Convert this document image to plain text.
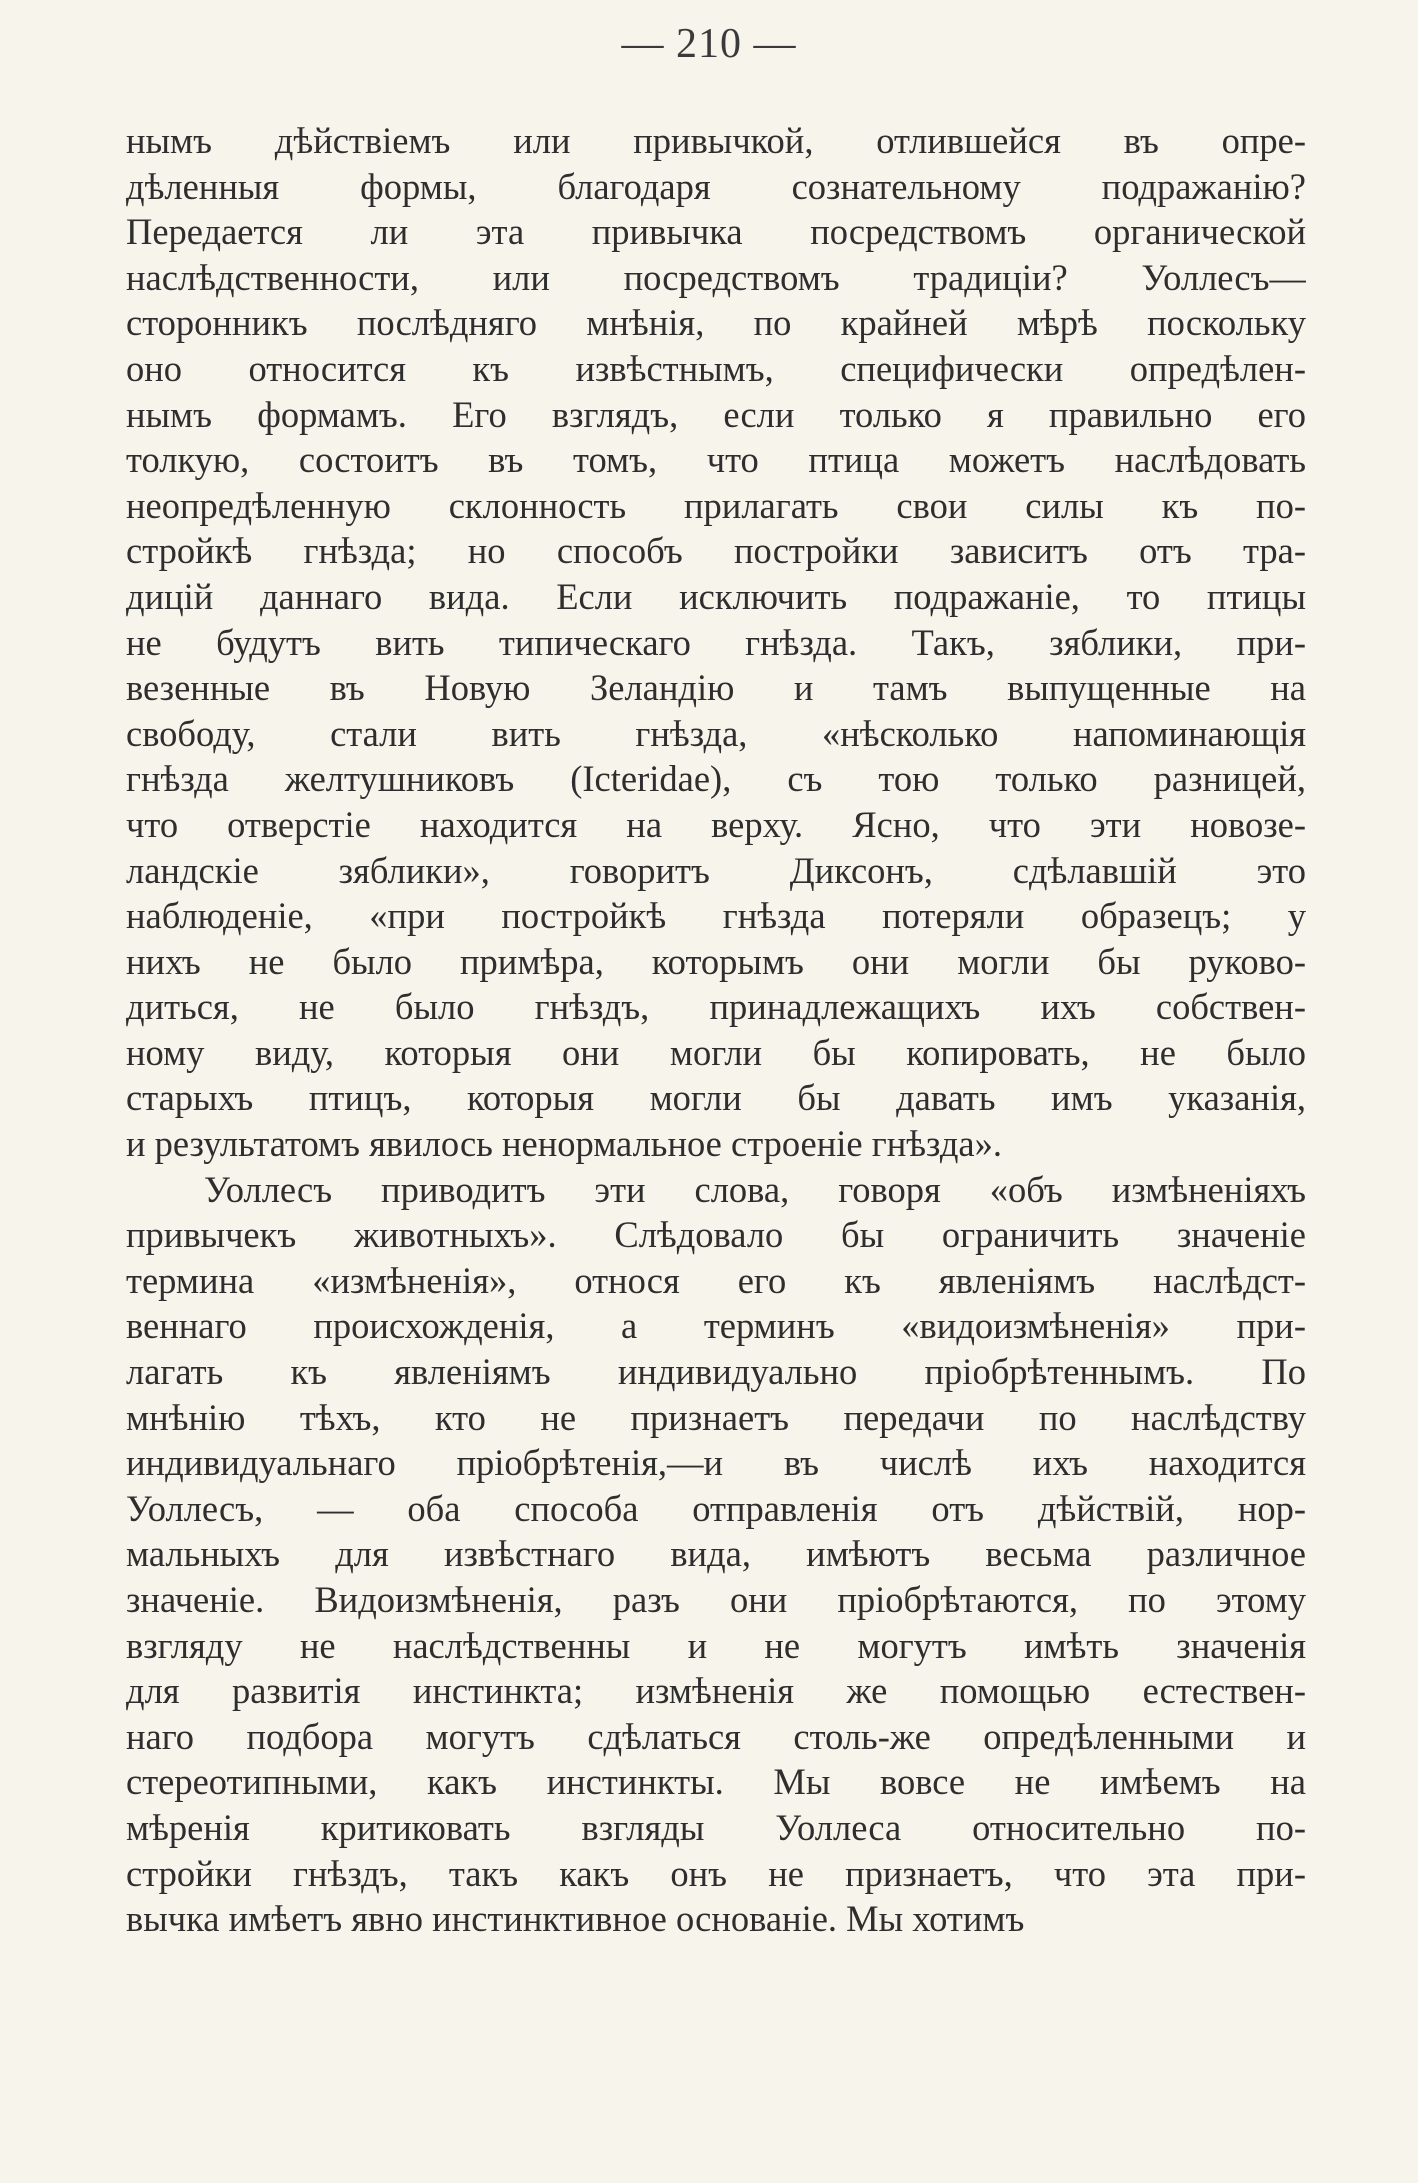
— 210 —
нымъ дѣйствіемъ или привычкой, отлившейся въ опре-
дѣленныя формы, благодаря сознательному подражанію?
Передается ли эта привычка посредствомъ органической
наслѣдственности, или посредствомъ традиціи? Уоллесъ—
сторонникъ послѣдняго мнѣнія, по крайней мѣрѣ поскольку
оно относится къ извѣстнымъ, специфически опредѣлен-
нымъ формамъ. Его взглядъ, если только я правильно его
толкую, состоитъ въ томъ, что птица можетъ наслѣдовать
неопредѣленную склонность прилагать свои силы къ по-
стройкѣ гнѣзда; но способъ постройки зависитъ отъ тра-
дицій даннаго вида. Если исключить подражаніе, то птицы
не будутъ вить типическаго гнѣзда. Такъ, зяблики, при-
везенные въ Новую Зеландію и тамъ выпущенные на
свободу, стали вить гнѣзда, «нѣсколько напоминающія
гнѣзда желтушниковъ (Icteridae), съ тою только разницей,
что отверстіе находится на верху. Ясно, что эти новозе-
ландскіе зяблики», говоритъ Диксонъ, сдѣлавшій это
наблюденіе, «при постройкѣ гнѣзда потеряли образецъ; у
нихъ не было примѣра, которымъ они могли бы руково-
диться, не было гнѣздъ, принадлежащихъ ихъ собствен-
ному виду, которыя они могли бы копировать, не было
старыхъ птицъ, которыя могли бы давать имъ указанія,
и результатомъ явилось ненормальное строеніе гнѣзда».
Уоллесъ приводитъ эти слова, говоря «объ измѣненіяхъ
привычекъ животныхъ». Слѣдовало бы ограничить значеніе
термина «измѣненія», относя его къ явленіямъ наслѣдст-
веннаго происхожденія, а терминъ «видоизмѣненія» при-
лагать къ явленіямъ индивидуально пріобрѣтеннымъ. По
мнѣнію тѣхъ, кто не признаетъ передачи по наслѣдству
индивидуальнаго пріобрѣтенія,—и въ числѣ ихъ находится
Уоллесъ, — оба способа отправленія отъ дѣйствій, нор-
мальныхъ для извѣстнаго вида, имѣютъ весьма различное
значеніе. Видоизмѣненія, разъ они пріобрѣтаются, по этому
взгляду не наслѣдственны и не могутъ имѣть значенія
для развитія инстинкта; измѣненія же помощью естествен-
наго подбора могутъ сдѣлаться столь-же опредѣленными и
стереотипными, какъ инстинкты. Мы вовсе не имѣемъ на
мѣренія критиковать взгляды Уоллеса относительно по-
стройки гнѣздъ, такъ какъ онъ не признаетъ, что эта при-
вычка имѣетъ явно инстинктивное основаніе. Мы хотимъ
